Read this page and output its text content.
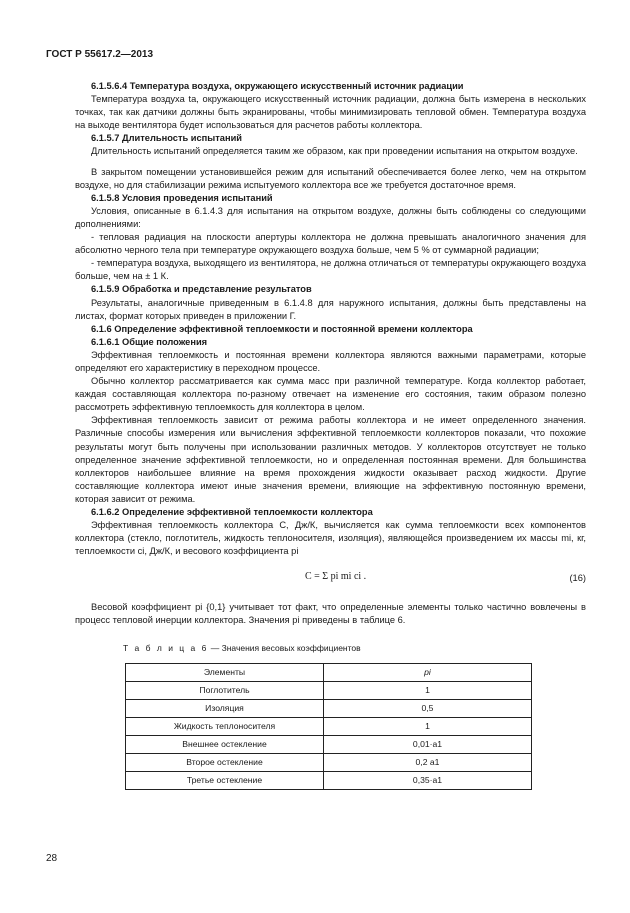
ГОСТ Р 55617.2—2013

6.1.5.6.4 Температура воздуха, окружающего искусственный источник радиации

Температура воздуха tа, окружающего искусственный источник радиации, должна быть измерена в нескольких точках, так как датчики должны быть экранированы, чтобы минимизировать тепловой обмен. Температура воздуха на выходе вентилятора будет использоваться для расчетов работы коллектора.

6.1.5.7 Длительность испытаний

Длительность испытаний определяется таким же образом, как при проведении испытания на открытом воздухе.

В закрытом помещении установившейся режим для испытаний обеспечивается более легко, чем на открытом воздухе, но для стабилизации режима испытуемого коллектора все же требуется достаточное время.

6.1.5.8 Условия проведения испытаний

Условия, описанные в 6.1.4.3 для испытания на открытом воздухе, должны быть соблюдены со следующими дополнениями:

- тепловая радиация на плоскости апертуры коллектора не должна превышать аналогичного значения для абсолютно черного тела при температуре окружающего воздуха больше, чем 5 % от суммарной радиации;

- температура воздуха, выходящего из вентилятора, не должна отличаться от температуры окружающего воздуха больше, чем на ± 1 К.

6.1.5.9 Обработка и представление результатов

Результаты, аналогичные приведенным в 6.1.4.8 для наружного испытания, должны быть представлены на листах, формат которых приведен в приложении Г.

6.1.6 Определение эффективной теплоемкости и постоянной времени коллектора

6.1.6.1 Общие положения

Эффективная теплоемкость и постоянная времени коллектора являются важными параметрами, которые определяют его характеристику в переходном процессе.

Обычно коллектор рассматривается как сумма масс при различной температуре. Когда коллектор работает, каждая составляющая коллектора по-разному отвечает на изменение его состояния, таким образом полезно рассмотреть эффективную теплоемкость для коллектора в целом.

Эффективная теплоемкость зависит от режима работы коллектора и не имеет определенного значения. Различные способы измерения или вычисления эффективной теплоемкости коллекторов показали, что похожие результаты могут быть получены при использовании различных методов. У коллекторов отсутствует не только определенное значение эффективной теплоемкости, но и определенная постоянная времени. Для большинства коллекторов наибольшее влияние на время прохождения жидкости оказывает расход жидкости. Другие составляющие коллектора имеют иные значения времени, влияющие на эффективную постоянную времени, которая зависит от режима.

6.1.6.2 Определение эффективной теплоемкости коллектора

Эффективная теплоемкость коллектора С, Дж/К, вычисляется как сумма теплоемкости всех компонентов коллектора (стекло, поглотитель, жидкость теплоносителя, изоляция), являющейся произведением их массы mi, кг, теплоемкости ci, Дж/К, и весового коэффициента pi

C = Σ pi mi ci .	(16)

Весовой коэффициент pi {0,1} учитывает тот факт, что определенные элементы только частично вовлечены в процесс тепловой инерции коллектора. Значения pi приведены в таблице 6.

Т а б л и ц а 6 — Значения весовых коэффициентов
Элементы	pi
Поглотитель	1
Изоляция	0,5
Жидкость теплоносителя	1
Внешнее остекление	0,01·a1
Второе остекление	0,2 a1
Третье остекление	0,35·a1
28
